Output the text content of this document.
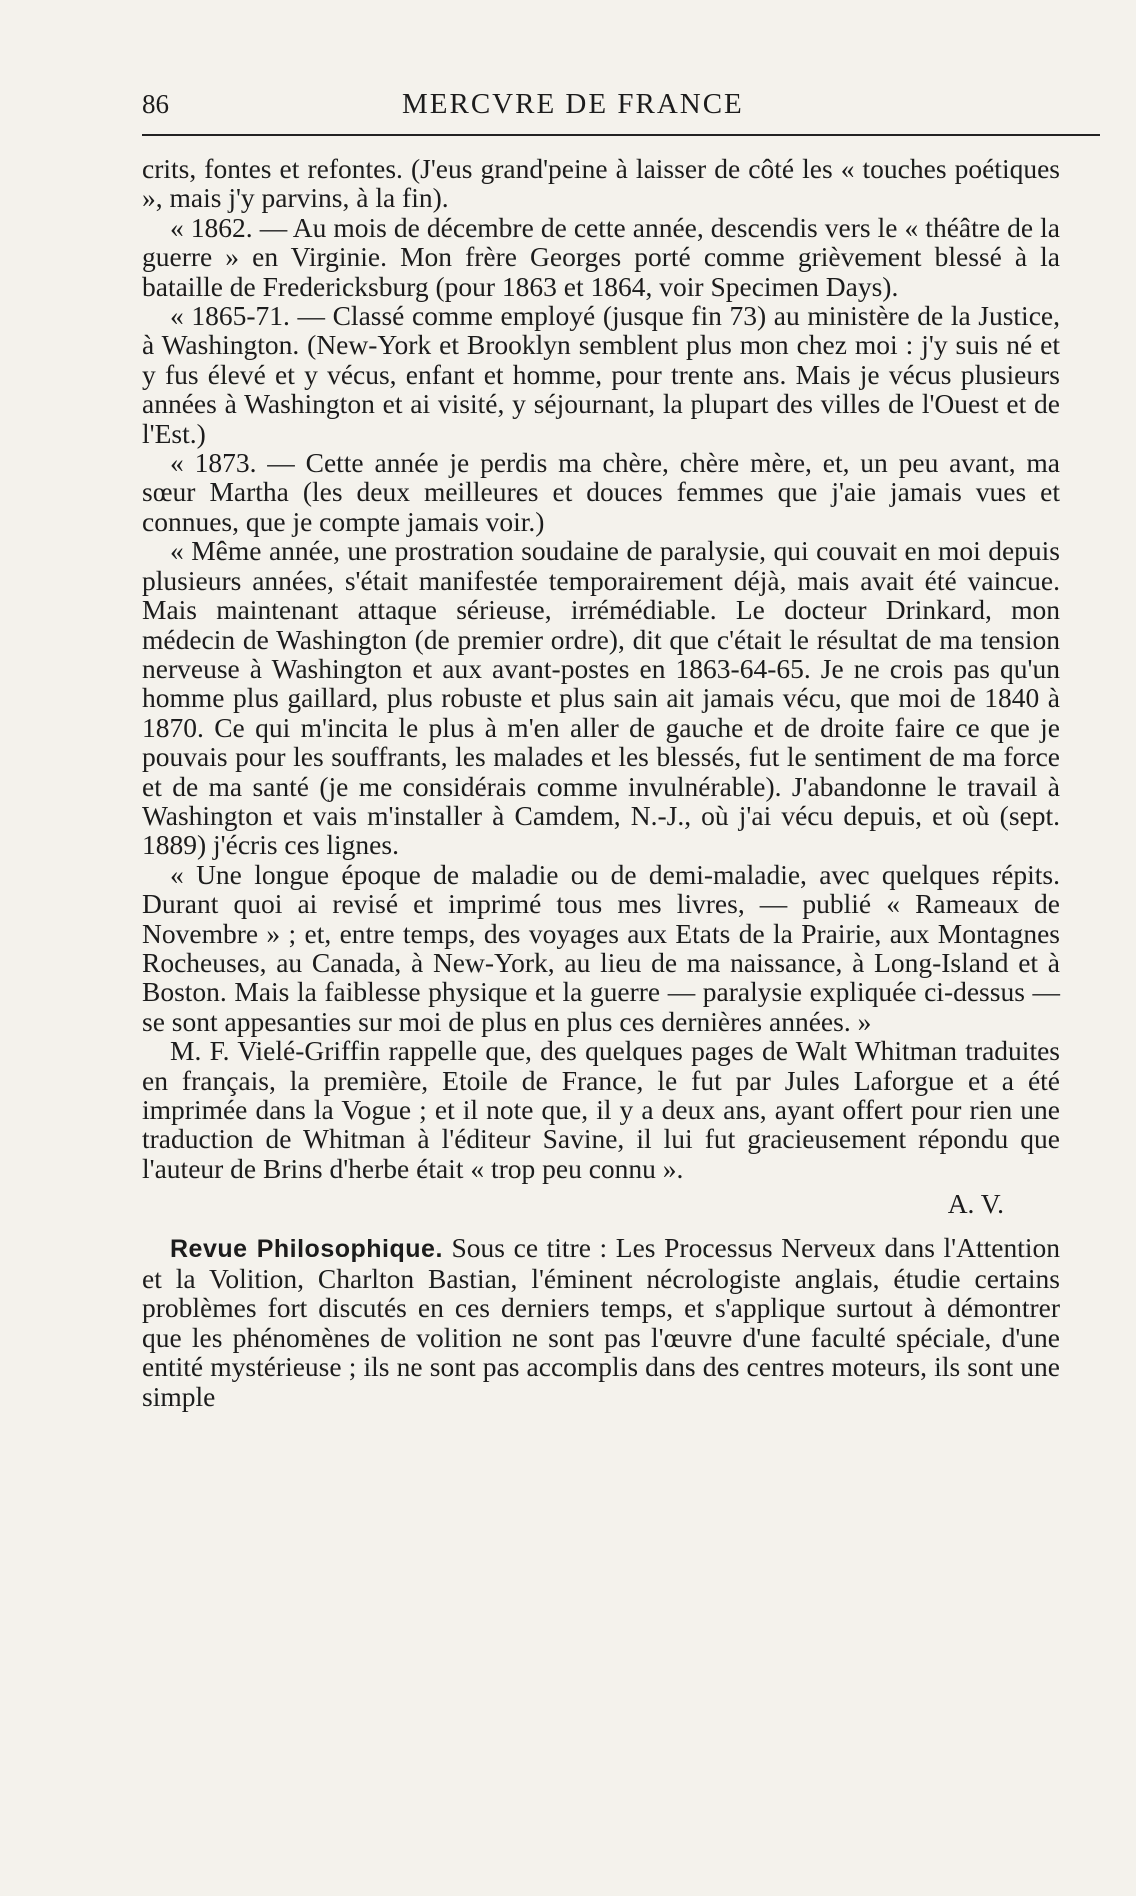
86	MERCVRE DE FRANCE

crits, fontes et refontes. (J'eus grand'peine à laisser de côté les « touches poétiques », mais j'y parvins, à la fin).

« 1862. — Au mois de décembre de cette année, descendis vers le « théâtre de la guerre » en Virginie. Mon frère Georges porté comme grièvement blessé à la bataille de Fredericksburg (pour 1863 et 1864, voir Specimen Days).

« 1865-71. — Classé comme employé (jusque fin 73) au ministère de la Justice, à Washington. (New-York et Brooklyn semblent plus mon chez moi : j'y suis né et y fus élevé et y vécus, enfant et homme, pour trente ans. Mais je vécus plusieurs années à Washington et ai visité, y séjournant, la plupart des villes de l'Ouest et de l'Est.)

« 1873. — Cette année je perdis ma chère, chère mère, et, un peu avant, ma sœur Martha (les deux meilleures et douces femmes que j'aie jamais vues et connues, que je compte jamais voir.)

« Même année, une prostration soudaine de paralysie, qui couvait en moi depuis plusieurs années, s'était manifestée temporairement déjà, mais avait été vaincue. Mais maintenant attaque sérieuse, irrémédiable. Le docteur Drinkard, mon médecin de Washington (de premier ordre), dit que c'était le résultat de ma tension nerveuse à Washington et aux avant-postes en 1863-64-65. Je ne crois pas qu'un homme plus gaillard, plus robuste et plus sain ait jamais vécu, que moi de 1840 à 1870. Ce qui m'incita le plus à m'en aller de gauche et de droite faire ce que je pouvais pour les souffrants, les malades et les blessés, fut le sentiment de ma force et de ma santé (je me considérais comme invulnérable). J'abandonne le travail à Washington et vais m'installer à Camdem, N.-J., où j'ai vécu depuis, et où (sept. 1889) j'écris ces lignes.

« Une longue époque de maladie ou de demi-maladie, avec quelques répits. Durant quoi ai revisé et imprimé tous mes livres, — publié « Rameaux de Novembre » ; et, entre temps, des voyages aux Etats de la Prairie, aux Montagnes Rocheuses, au Canada, à New-York, au lieu de ma naissance, à Long-Island et à Boston. Mais la faiblesse physique et la guerre — paralysie expliquée ci-dessus — se sont appesanties sur moi de plus en plus ces dernières années. »

M. F. Vielé-Griffin rappelle que, des quelques pages de Walt Whitman traduites en français, la première, Etoile de France, le fut par Jules Laforgue et a été imprimée dans la Vogue ; et il note que, il y a deux ans, ayant offert pour rien une traduction de Whitman à l'éditeur Savine, il lui fut gracieusement répondu que l'auteur de Brins d'herbe était « trop peu connu ».

A. V.

Revue Philosophique. Sous ce titre : Les Processus Nerveux dans l'Attention et la Volition, Charlton Bastian, l'éminent nécrologiste anglais, étudie certains problèmes fort discutés en ces derniers temps, et s'applique surtout à démontrer que les phénomènes de volition ne sont pas l'œuvre d'une faculté spéciale, d'une entité mystérieuse ; ils ne sont pas accomplis dans des centres moteurs, ils sont une simple
